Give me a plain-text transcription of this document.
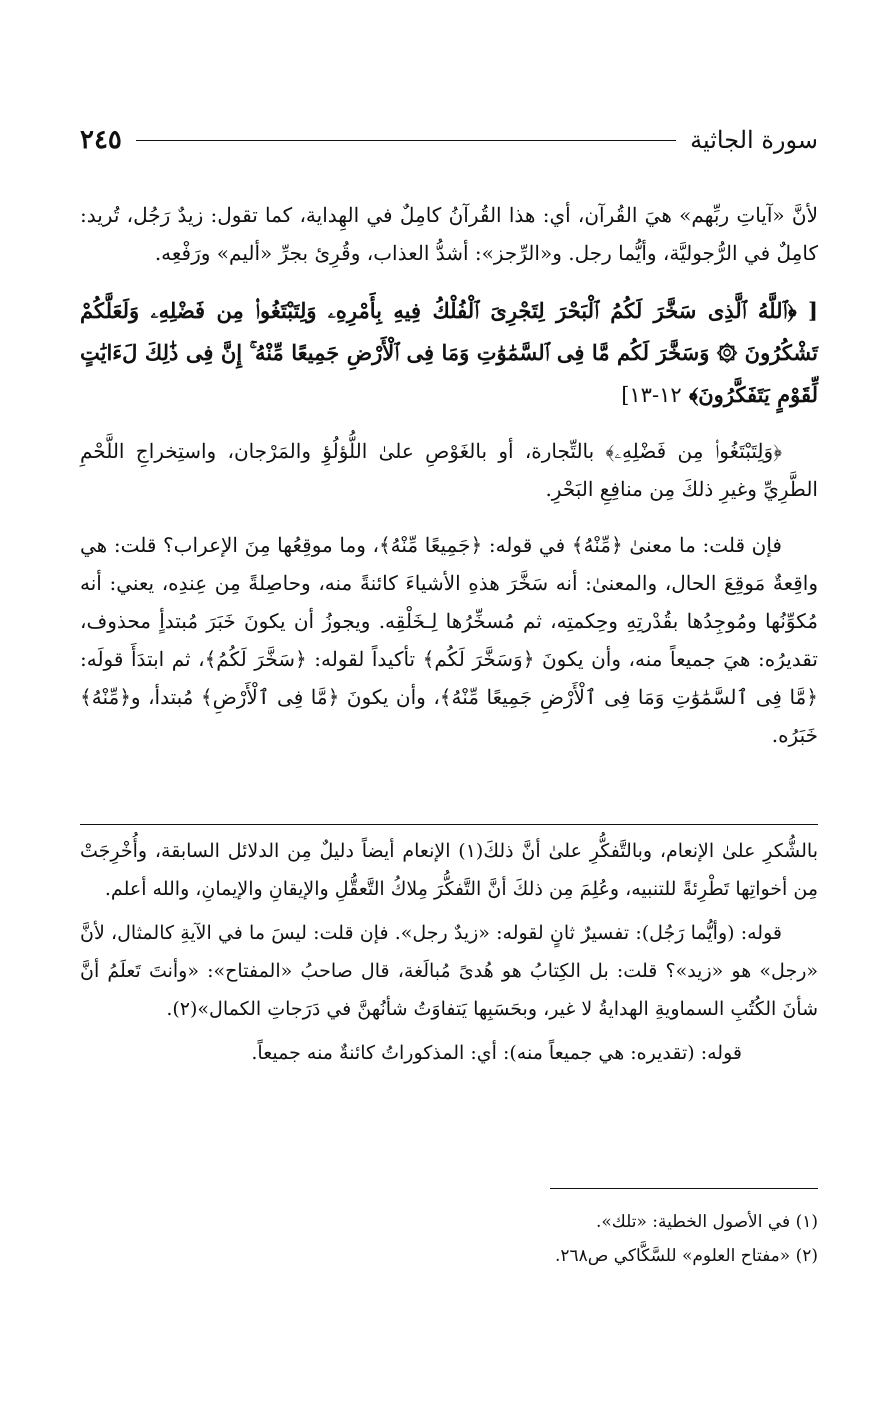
سورة الجاثية
٢٤٥

لأنَّ «آياتِ ربِّهم» هيَ القُرآن، أي: هذا القُرآنُ كامِلٌ في الهِداية، كما تقول: زيدٌ رَجُل، تُريد: كامِلٌ في الرُّجوليَّة، وأيُّما رجل. و«الرِّجز»: أشدُّ العذاب، وقُرِئ بجرِّ «أليم» ورَفْعِه.

[ ﴿ٱللَّهُ ٱلَّذِى سَخَّرَ لَكُمُ ٱلْبَحْرَ لِتَجْرِىَ ٱلْفُلْكُ فِيهِ بِأَمْرِهِۦ وَلِتَبْتَغُوا۟ مِن فَضْلِهِۦ وَلَعَلَّكُمْ تَشْكُرُونَ ۞ وَسَخَّرَ لَكُم مَّا فِى ٱلسَّمَٰوَٰتِ وَمَا فِى ٱلْأَرْضِ جَمِيعًا مِّنْهُ ۚ إِنَّ فِى ذَٰلِكَ لَءَايَٰتٍ لِّقَوْمٍ يَتَفَكَّرُونَ﴾ ١٢-١٣]

﴿وَلِتَبْتَغُوا۟ مِن فَضْلِهِۦ﴾ بالتِّجارة، أو بالغَوْصِ علىٰ اللُّؤلُؤِ والمَرْجان، واستِخراجِ اللَّحْمِ الطَّرِيِّ وغيرِ ذلكَ مِن منافِعِ البَحْرِ.

فإن قلت: ما معنىٰ ﴿مِّنْهُ﴾ في قوله: ﴿جَمِيعًا مِّنْهُ﴾، وما موقِعُها مِنَ الإعراب؟ قلت: هي واقِعةٌ مَوقِعَ الحال، والمعنىٰ: أنه سَخَّرَ هذهِ الأشياءَ كائنةً منه، وحاصِلةً مِن عِندِه، يعني: أنه مُكوِّنُها ومُوجِدُها بقُدْرتِهِ وحِكمتِه، ثم مُسخِّرُها لِـخَلْقِه. ويجوزُ أن يكونَ خَبَرَ مُبتدأٍ محذوف، تقديرُه: هيَ جميعاً منه، وأن يكونَ ﴿وَسَخَّرَ لَكُم﴾ تأكيداً لقوله: ﴿سَخَّرَ لَكُمُ﴾، ثم ابتدَأَ قولَه: ﴿مَّا فِى ٱلسَّمَٰوَٰتِ وَمَا فِى ٱلْأَرْضِ جَمِيعًا مِّنْهُ﴾، وأن يكونَ ﴿مَّا فِى ٱلْأَرْضِ﴾ مُبتدأ، و﴿مِّنْهُ﴾ خَبَرُه.

بالشُّكرِ علىٰ الإنعام، وبالتَّفكُّرِ علىٰ أنَّ ذلكَ(١) الإنعام أيضاً دليلٌ مِن الدلائل السابقة، وأُخْرِجَتْ مِن أخواتِها تَطْرِئةً للتنبيه، وعُلِمَ مِن ذلكَ أنَّ التَّفكُّرَ مِلاكُ التَّعقُّلِ والإيقانِ والإيمانِ، والله أعلم.

قوله: (وأيُّما رَجُل): تفسيرٌ ثانٍ لقوله: «زيدٌ رجل». فإن قلت: ليسَ ما في الآيةِ كالمثال، لأنَّ «رجل» هو «زيد»؟ قلت: بل الكِتابُ هو هُدىً مُبالَغة، قال صاحبُ «المفتاح»: «وأنتَ تَعلَمُ أنَّ شأنَ الكُتُبِ السماويةِ الهدايةُ لا غير، وبحَسَبِها يَتفاوَتُ شأنُهنَّ في دَرَجاتِ الكمال»(٢).

قوله: (تقديره: هي جميعاً منه): أي: المذكوراتُ كائنةٌ منه جميعاً.

(١) في الأصول الخطية: «تلك».
(٢) «مفتاح العلوم» للسَّكَّاكي ص٢٦٨.
